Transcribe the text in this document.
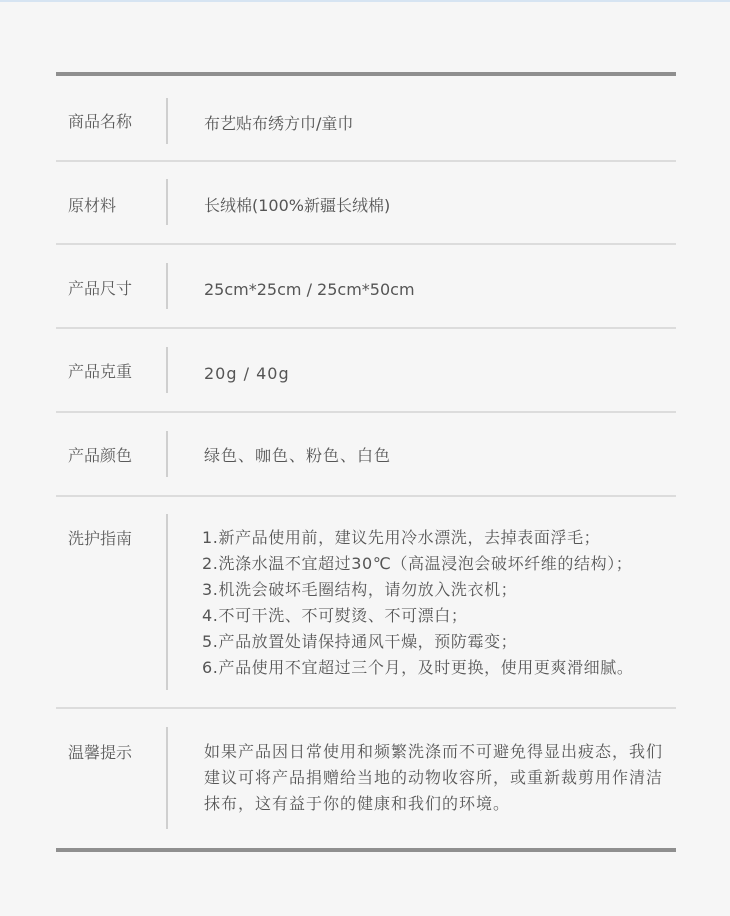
商品名称	布艺贴布绣方巾/童巾
原材料	长绒棉(100%新疆长绒棉)
产品尺寸	25cm*25cm / 25cm*50cm
产品克重	20g / 40g
产品颜色	绿色、咖色、粉色、白色
洗护指南	1.新产品使用前，建议先用冷水漂洗，去掉表面浮毛；
2.洗涤水温不宜超过30℃（高温浸泡会破坏纤维的结构）；
3.机洗会破坏毛圈结构，请勿放入洗衣机；
4.不可干洗、不可熨烫、不可漂白；
5.产品放置处请保持通风干燥，预防霉变；
6.产品使用不宜超过三个月，及时更换，使用更爽滑细腻。
温馨提示	如果产品因日常使用和频繁洗涤而不可避免得显出疲态，我们建议可将产品捐赠给当地的动物收容所，或重新裁剪用作清洁抹布，这有益于你的健康和我们的环境。
